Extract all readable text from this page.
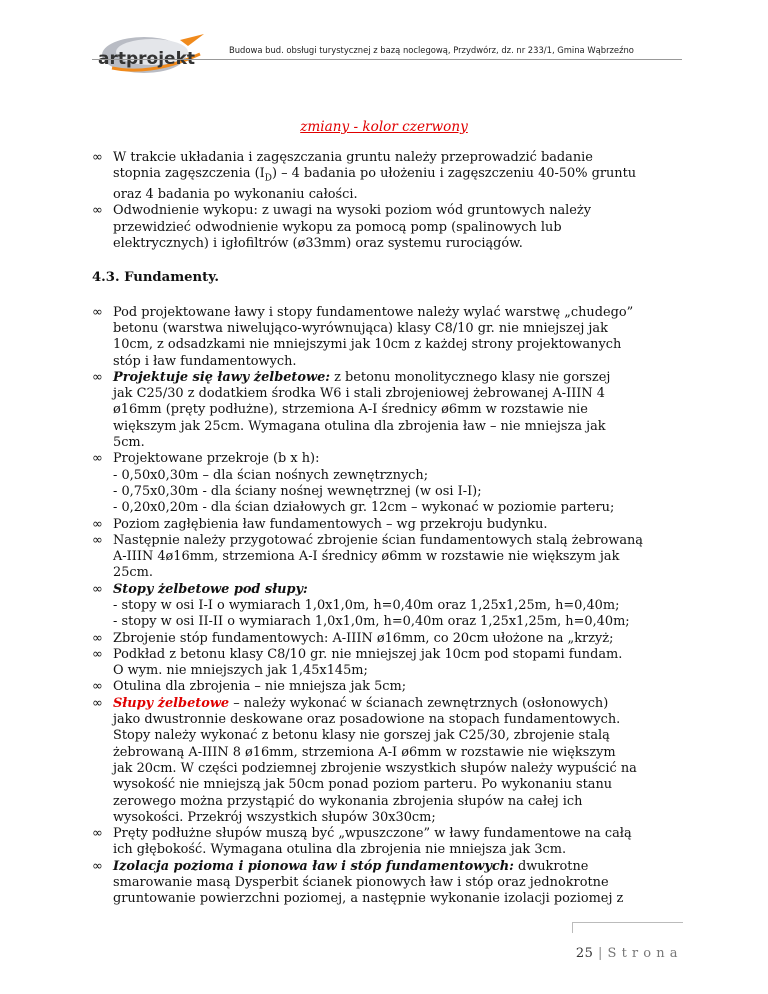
artprojekt	Budowa bud. obsługi turystycznej z bazą noclegową, Przydwórz, dz. nr 233/1, Gmina Wąbrzeźno
zmiany - kolor czerwony
∞ W trakcie układania i zagęszczania gruntu należy przeprowadzić badanie
stopnia zagęszczenia $(I_D) - 4$ badania po ułożeniu i zagęszczeniu 40-50% gruntu
oraz 4 badania po wykonaniu całości.
∞ Odwodnienie wykopu: z uwagi na wysoki poziom wód gruntowych należy
przewidzieć odwodnienie wykopu za pomocą pomp (spalinowych lub
elektrycznych) i igłofiltrów (ø33mm) oraz systemu rurociągów.
4.3. Fundamenty.
∞ Pod projektowane ławy i stopy fundamentowe należy wylać warstwę „chudego”
betonu (warstwa niwelująco-wyrównująca) klasy C8/10 gr. nie mniejszej jak
10cm, z odsadzkami nie mniejszymi jak 10cm z każdej strony projektowanych
stóp i ław fundamentowych.
∞ Projektuje się ławy żelbetowe: z betonu monolitycznego klasy nie gorszej
jak C25/30 z dodatkiem środka W6 i stali zbrojeniowej żebrowanej A-IIIN 4
ø16mm (pręty podłużne), strzemiona A-I średnicy ø6mm w rozstawie nie
większym jak 25cm. Wymagana otulina dla zbrojenia ław – nie mniejsza jak
5cm.
∞ Projektowane przekroje (b x h):
- 0,50x0,30m – dla ścian nośnych zewnętrznych;
- 0,75x0,30m - dla ściany nośnej wewnętrznej (w osi I-I);
- 0,20x0,20m - dla ścian działowych gr. 12cm – wykonać w poziomie parteru;
∞ Poziom zagłębienia ław fundamentowych – wg przekroju budynku.
∞ Następnie należy przygotować zbrojenie ścian fundamentowych stalą żebrowaną
A-IIIN 4ø16mm, strzemiona A-I średnicy ø6mm w rozstawie nie większym jak
25cm.
∞ Stopy żelbetowe pod słupy:
- stopy w osi I-I o wymiarach 1,0x1,0m, h=0,40m oraz 1,25x1,25m, h=0,40m;
- stopy w osi II-II o wymiarach 1,0x1,0m, h=0,40m oraz 1,25x1,25m, h=0,40m;
∞ Zbrojenie stóp fundamentowych: A-IIIN ø16mm, co 20cm ułożone na „krzyż;
∞ Podkład z betonu klasy C8/10 gr. nie mniejszej jak 10cm pod stopami fundam.
O wym. nie mniejszych jak 1,45x145m;
∞ Otulina dla zbrojenia – nie mniejsza jak 5cm;
∞ Słupy żelbetowe – należy wykonać w ścianach zewnętrznych (osłonowych)
jako dwustronnie deskowane oraz posadowione na stopach fundamentowych.
Stopy należy wykonać z betonu klasy nie gorszej jak C25/30, zbrojenie stalą
żebrowaną A-IIIN 8 ø16mm, strzemiona A-I ø6mm w rozstawie nie większym
jak 20cm. W części podziemnej zbrojenie wszystkich słupów należy wypuścić na
wysokość nie mniejszą jak 50cm ponad poziom parteru. Po wykonaniu stanu
zerowego można przystąpić do wykonania zbrojenia słupów na całej ich
wysokości. Przekrój wszystkich słupów 30x30cm;
∞ Pręty podłużne słupów muszą być „wpuszczone” w ławy fundamentowe na całą
ich głębokość. Wymagana otulina dla zbrojenia nie mniejsza jak 3cm.
∞ Izolacja pozioma i pionowa ław i stóp fundamentowych: dwukrotne
smarowanie masą Dysperbit ścianek pionowych ław i stóp oraz jednokrotne
gruntowanie powierzchni poziomej, a następnie wykonanie izolacji poziomej z
25 | S t r o n a
